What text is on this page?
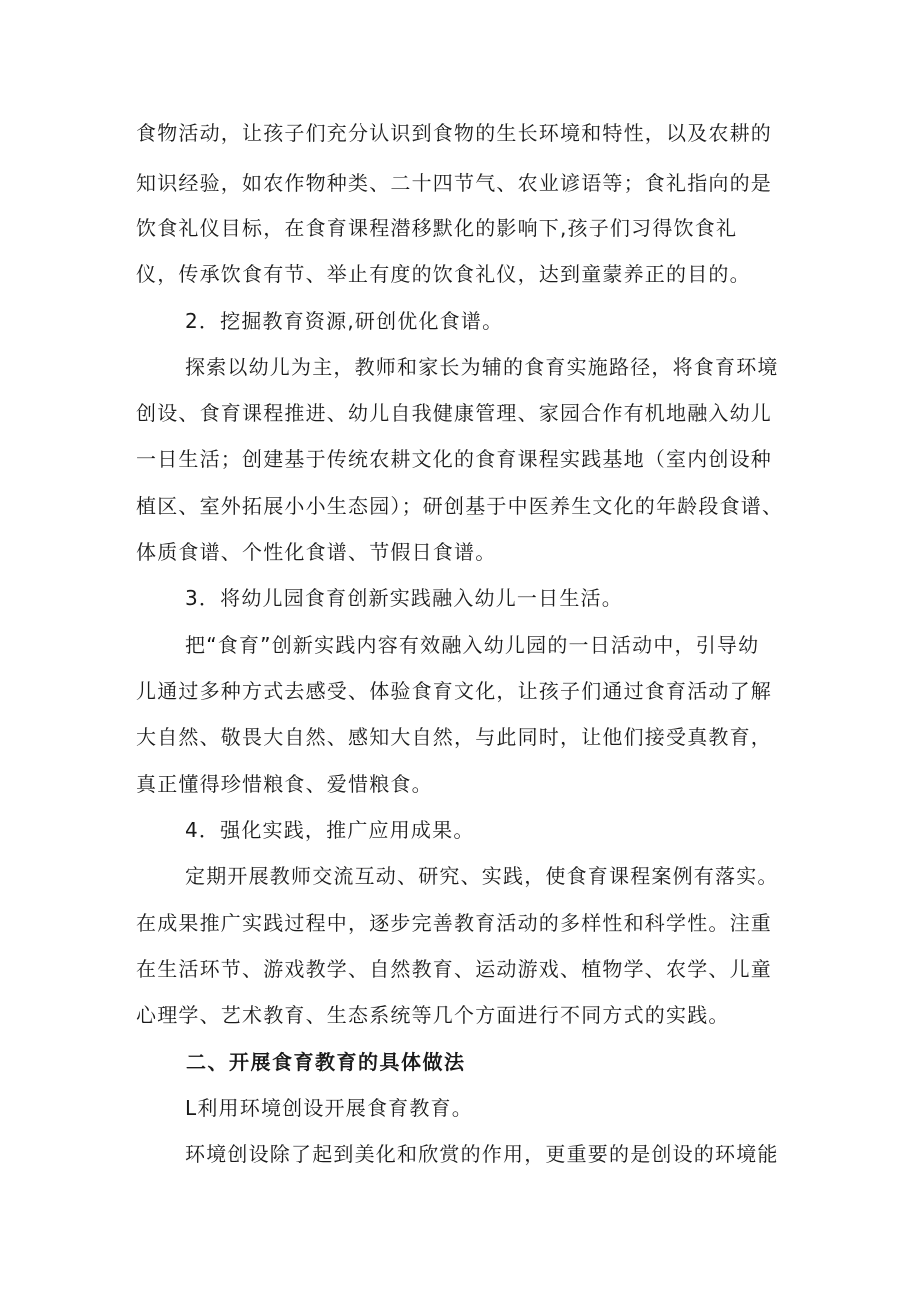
食物活动，让孩子们充分认识到食物的生长环境和特性，以及农耕的
知识经验，如农作物种类、二十四节气、农业谚语等；食礼指向的是
饮食礼仪目标，在食育课程潜移默化的影响下,孩子们习得饮食礼
仪，传承饮食有节、举止有度的饮食礼仪，达到童蒙养正的目的。
2．挖掘教育资源,研创优化食谱。
探索以幼儿为主，教师和家长为辅的食育实施路径，将食育环境
创设、食育课程推进、幼儿自我健康管理、家园合作有机地融入幼儿
一日生活；创建基于传统农耕文化的食育课程实践基地（室内创设种
植区、室外拓展小小生态园）；研创基于中医养生文化的年龄段食谱、
体质食谱、个性化食谱、节假日食谱。
3．将幼儿园食育创新实践融入幼儿一日生活。
把“食育”创新实践内容有效融入幼儿园的一日活动中，引导幼
儿通过多种方式去感受、体验食育文化，让孩子们通过食育活动了解
大自然、敬畏大自然、感知大自然，与此同时，让他们接受真教育，
真正懂得珍惜粮食、爱惜粮食。
4．强化实践，推广应用成果。
定期开展教师交流互动、研究、实践，使食育课程案例有落实。
在成果推广实践过程中，逐步完善教育活动的多样性和科学性。注重
在生活环节、游戏教学、自然教育、运动游戏、植物学、农学、儿童
心理学、艺术教育、生态系统等几个方面进行不同方式的实践。
二、开展食育教育的具体做法
L利用环境创设开展食育教育。
环境创设除了起到美化和欣赏的作用，更重要的是创设的环境能
